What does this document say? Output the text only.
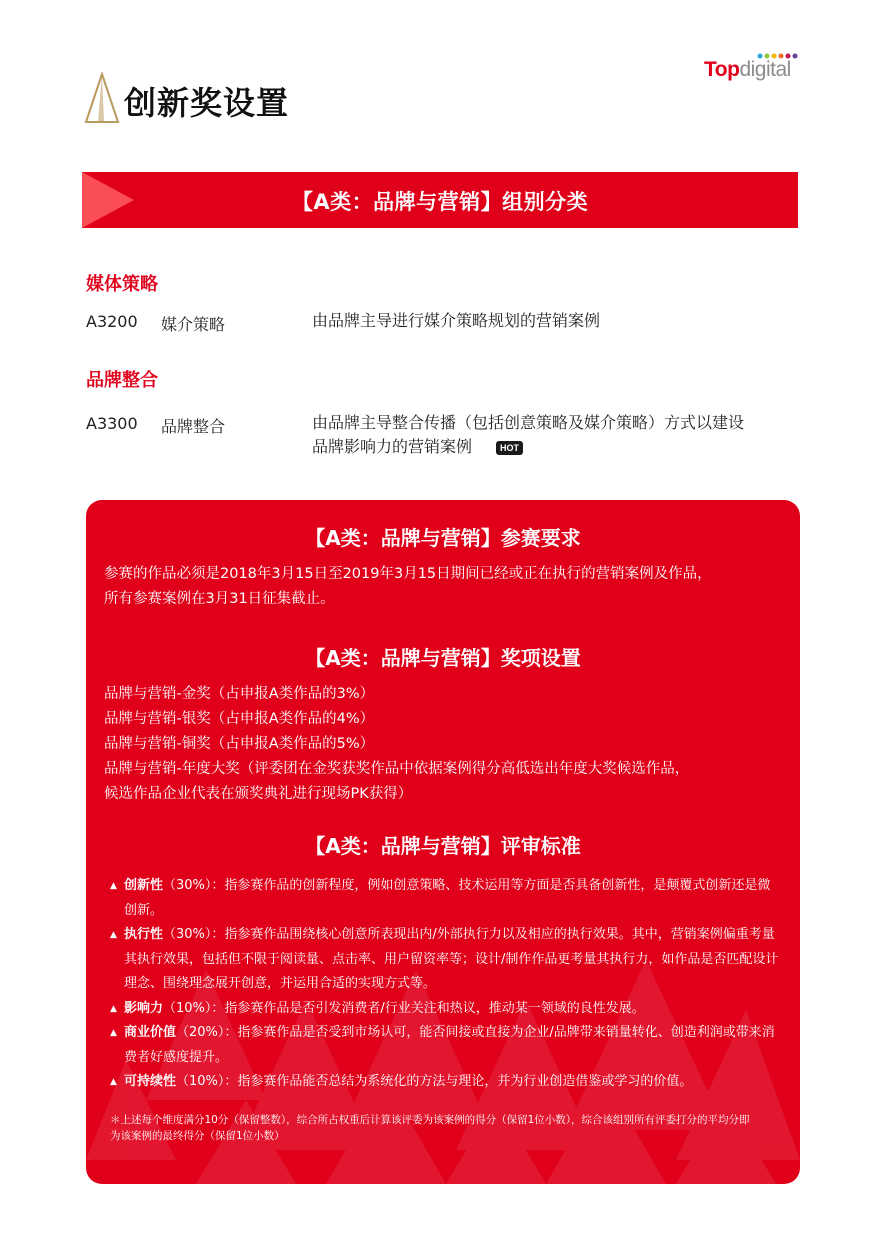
创新奖设置
Topdigital
【A类：品牌与营销】组别分类
媒体策略
A3200 媒介策略	由品牌主导进行媒介策略规划的营销案例
品牌整合
A3300 品牌整合	由品牌主导整合传播（包括创意策略及媒介策略）方式以建设
品牌影响力的营销案例	HOT
【A类：品牌与营销】参赛要求
参赛的作品必须是2018年3月15日至2019年3月15日期间已经或正在执行的营销案例及作品，
所有参赛案例在3月31日征集截止。
【A类：品牌与营销】奖项设置
品牌与营销-金奖（占申报A类作品的3%）
品牌与营销-银奖（占申报A类作品的4%）
品牌与营销-铜奖（占申报A类作品的5%）
品牌与营销-年度大奖（评委团在金奖获奖作品中依据案例得分高低选出年度大奖候选作品，
候选作品企业代表在颁奖典礼进行现场PK获得）
【A类：品牌与营销】评审标准
▲ 创新性（30%）：指参赛作品的创新程度，例如创意策略、技术运用等方面是否具备创新性，是颠覆式创新还是微创新。
▲ 执行性（30%）：指参赛作品围绕核心创意所表现出内/外部执行力以及相应的执行效果。其中，营销案例偏重考量其执行效果，包括但不限于阅读量、点击率、用户留资率等；设计/制作作品更考量其执行力，如作品是否匹配设计理念、围绕理念展开创意，并运用合适的实现方式等。
▲ 影响力（10%）：指参赛作品是否引发消费者/行业关注和热议，推动某一领域的良性发展。
▲ 商业价值（20%）：指参赛作品是否受到市场认可，能否间接或直接为企业/品牌带来销量转化、创造利润或带来消费者好感度提升。
▲ 可持续性（10%）：指参赛作品能否总结为系统化的方法与理论，并为行业创造借鉴或学习的价值。
＊上述每个维度满分10分（保留整数），综合所占权重后计算该评委为该案例的得分（保留1位小数），综合该组别所有评委打分的平均分即为该案例的最终得分（保留1位小数）
